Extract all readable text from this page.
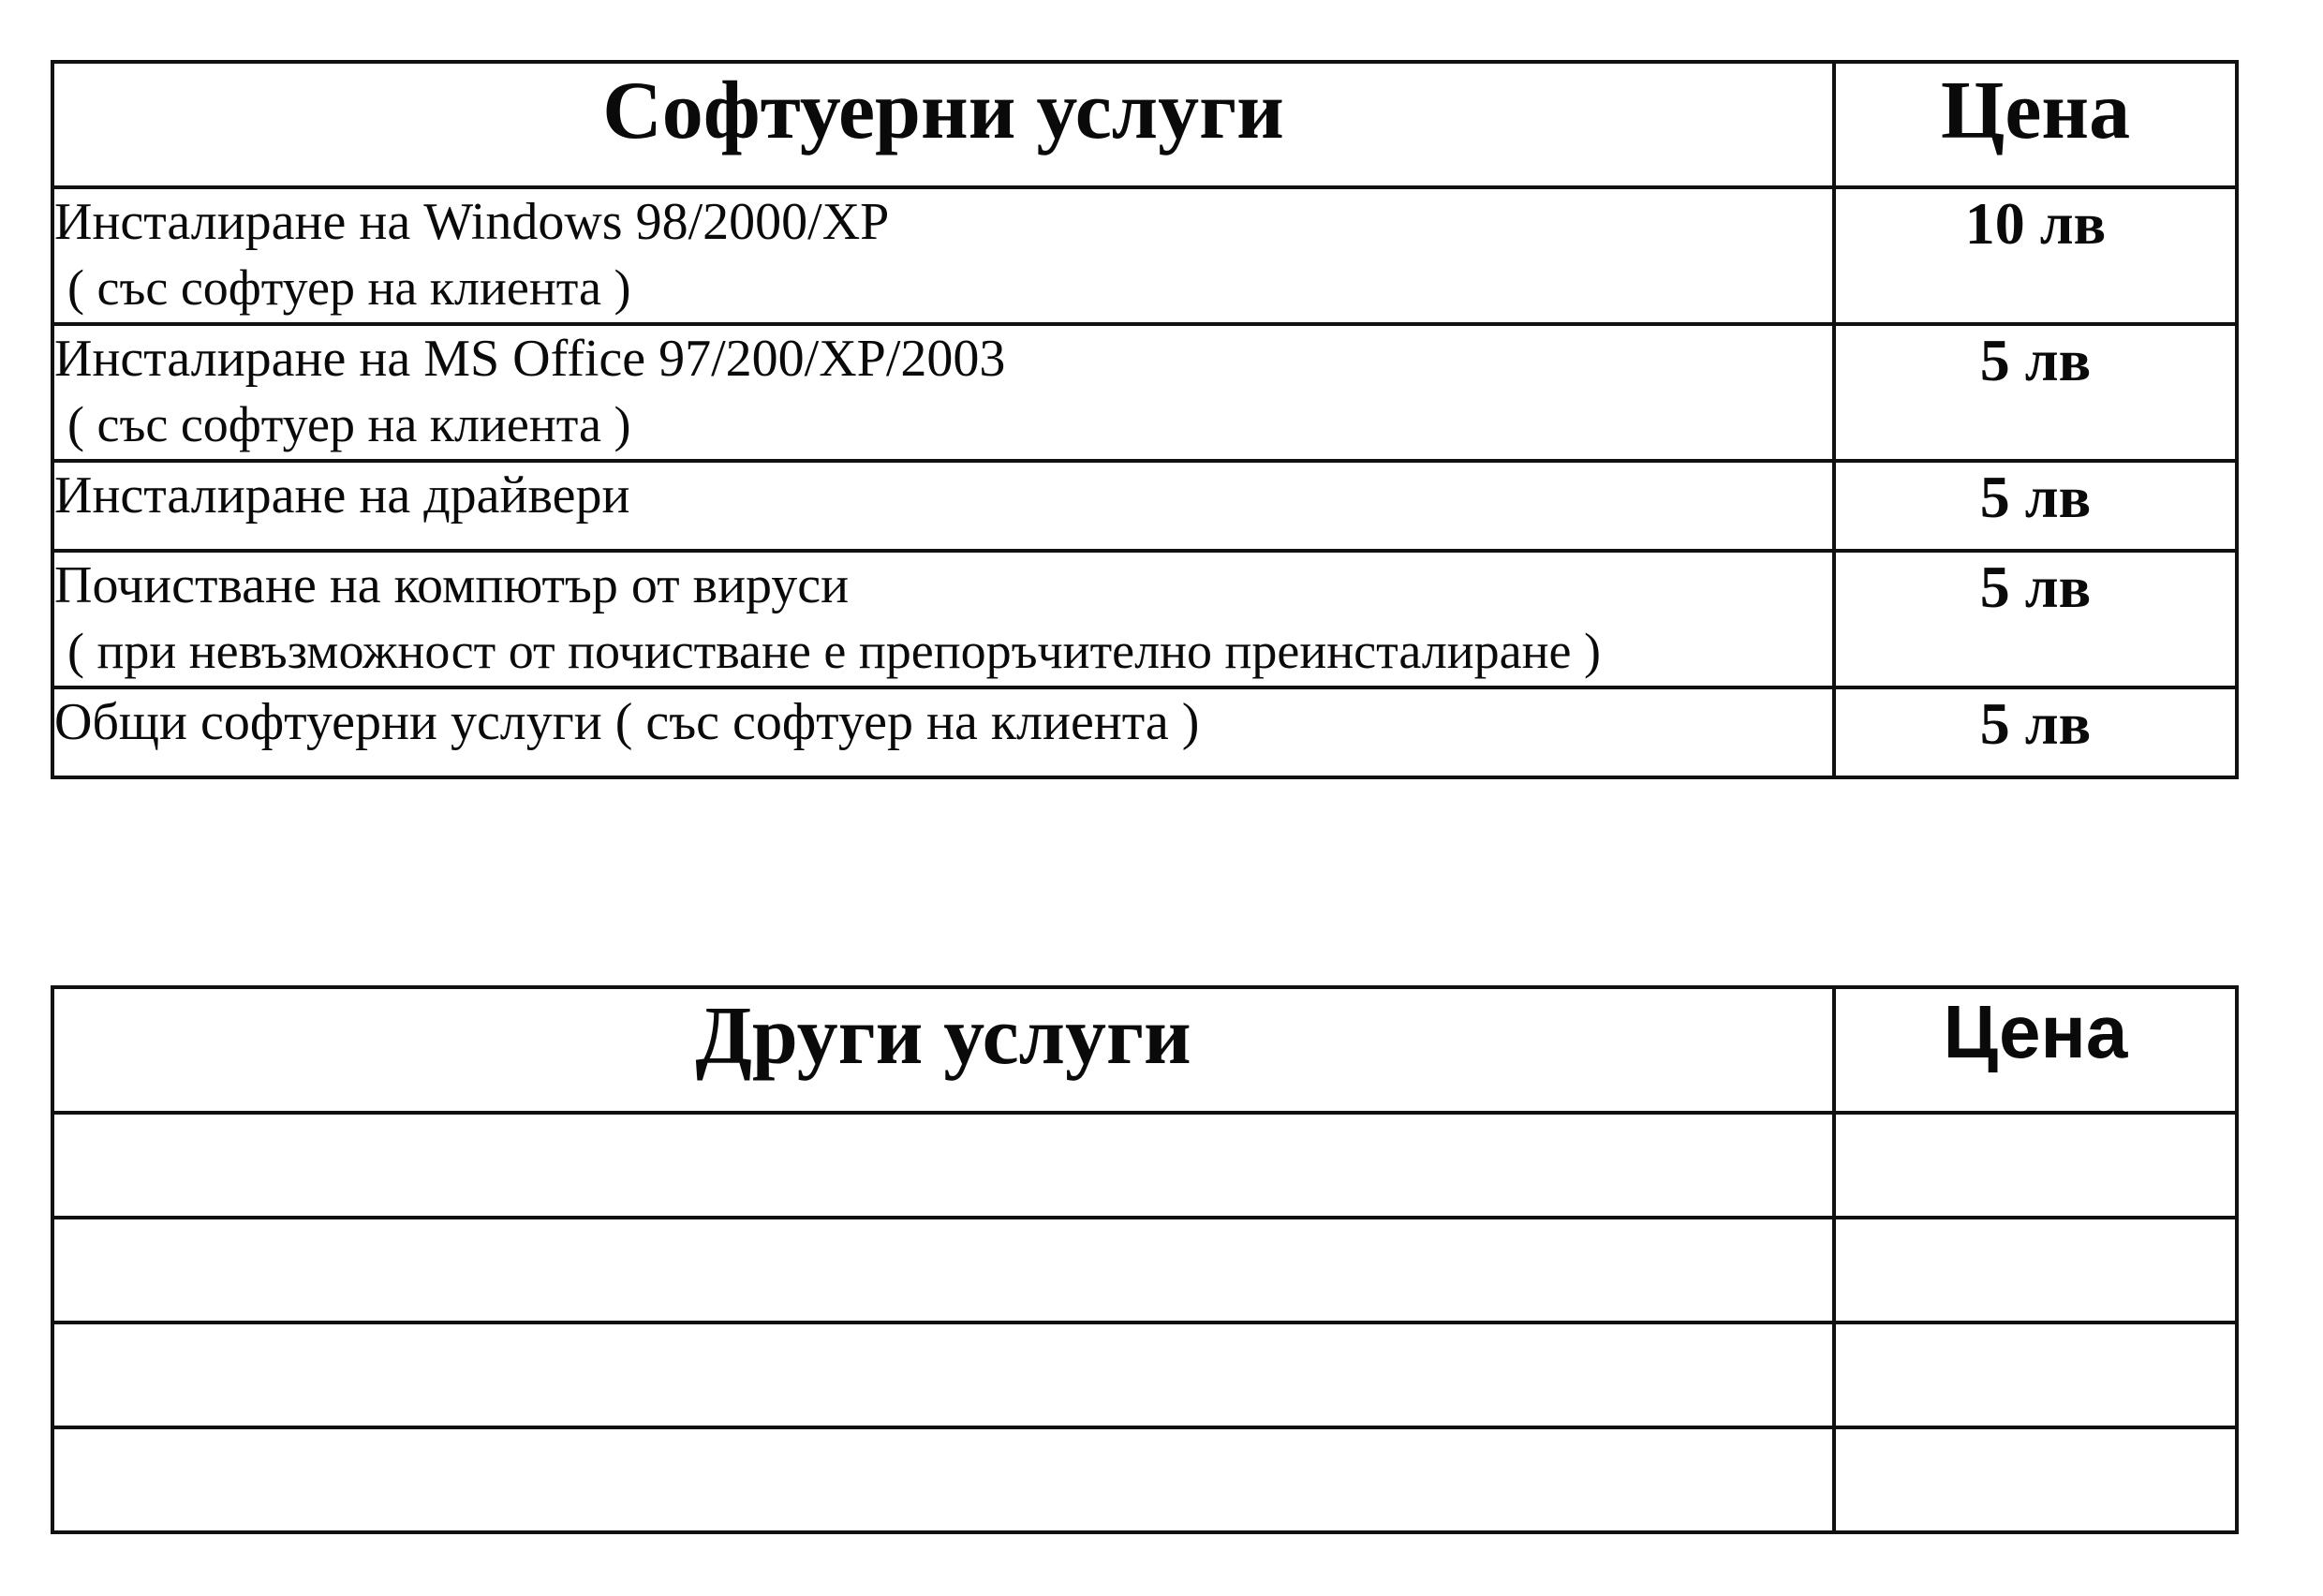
Софтуерни услуги	Цена
Инсталиране на Windows 98/2000/XP
( със софтуер на клиента )	10 лв
Инсталиране на MS Office 97/200/XP/2003
( със софтуер на клиента )	5 лв
Инсталиране на драйвери	5 лв
Почистване на компютър от вируси
( при невъзможност от почистване е препоръчително преинсталиране )	5 лв
Общи софтуерни услуги ( със софтуер на клиента )	5 лв
Други услуги	Цена
